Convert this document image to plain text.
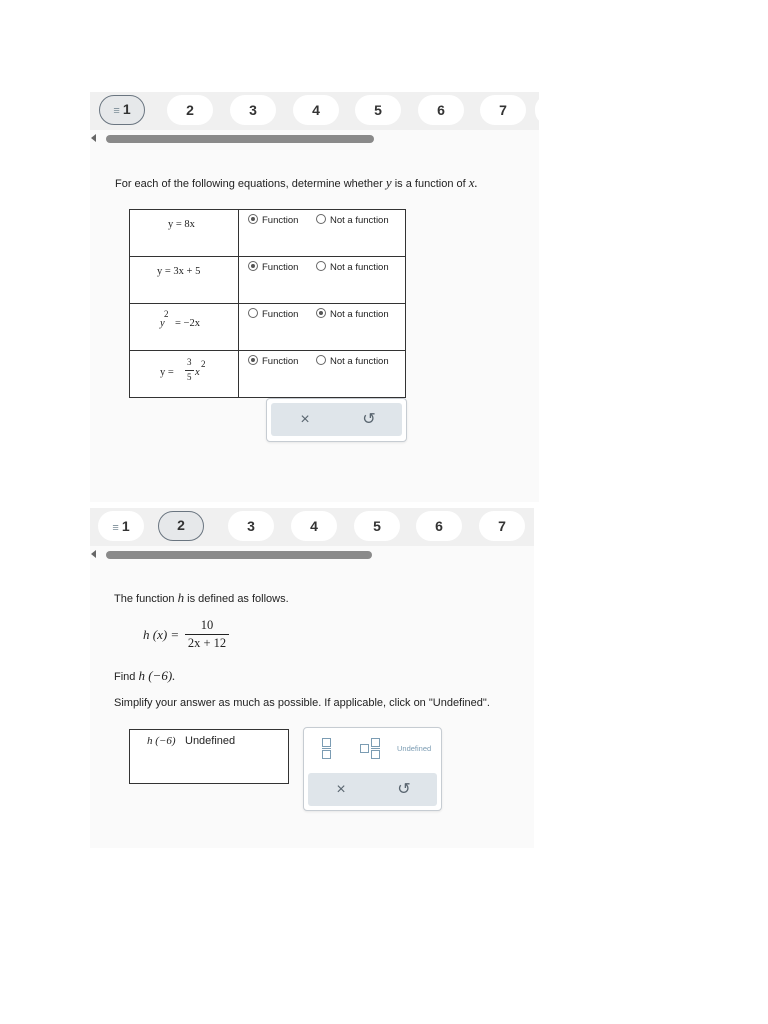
≡ 1	2	3	4	5	6	7
For each of the following equations, determine whether y is a function of x.
y = 8x	Function Not a function

y = 3x + 5	Function Not a function

2
y = −2x	Function Not a function

y =
3
5 x
2	Function Not a function
×	↺
≡ 1	2	3	4	5	6	7
The function h is defined as follows.
h (x) =
10
2x + 12
Find h (−6).
Simplify your answer as much as possible. If applicable, click on "Undefined".
h (−6) Undefined
Undefined
×	↺
